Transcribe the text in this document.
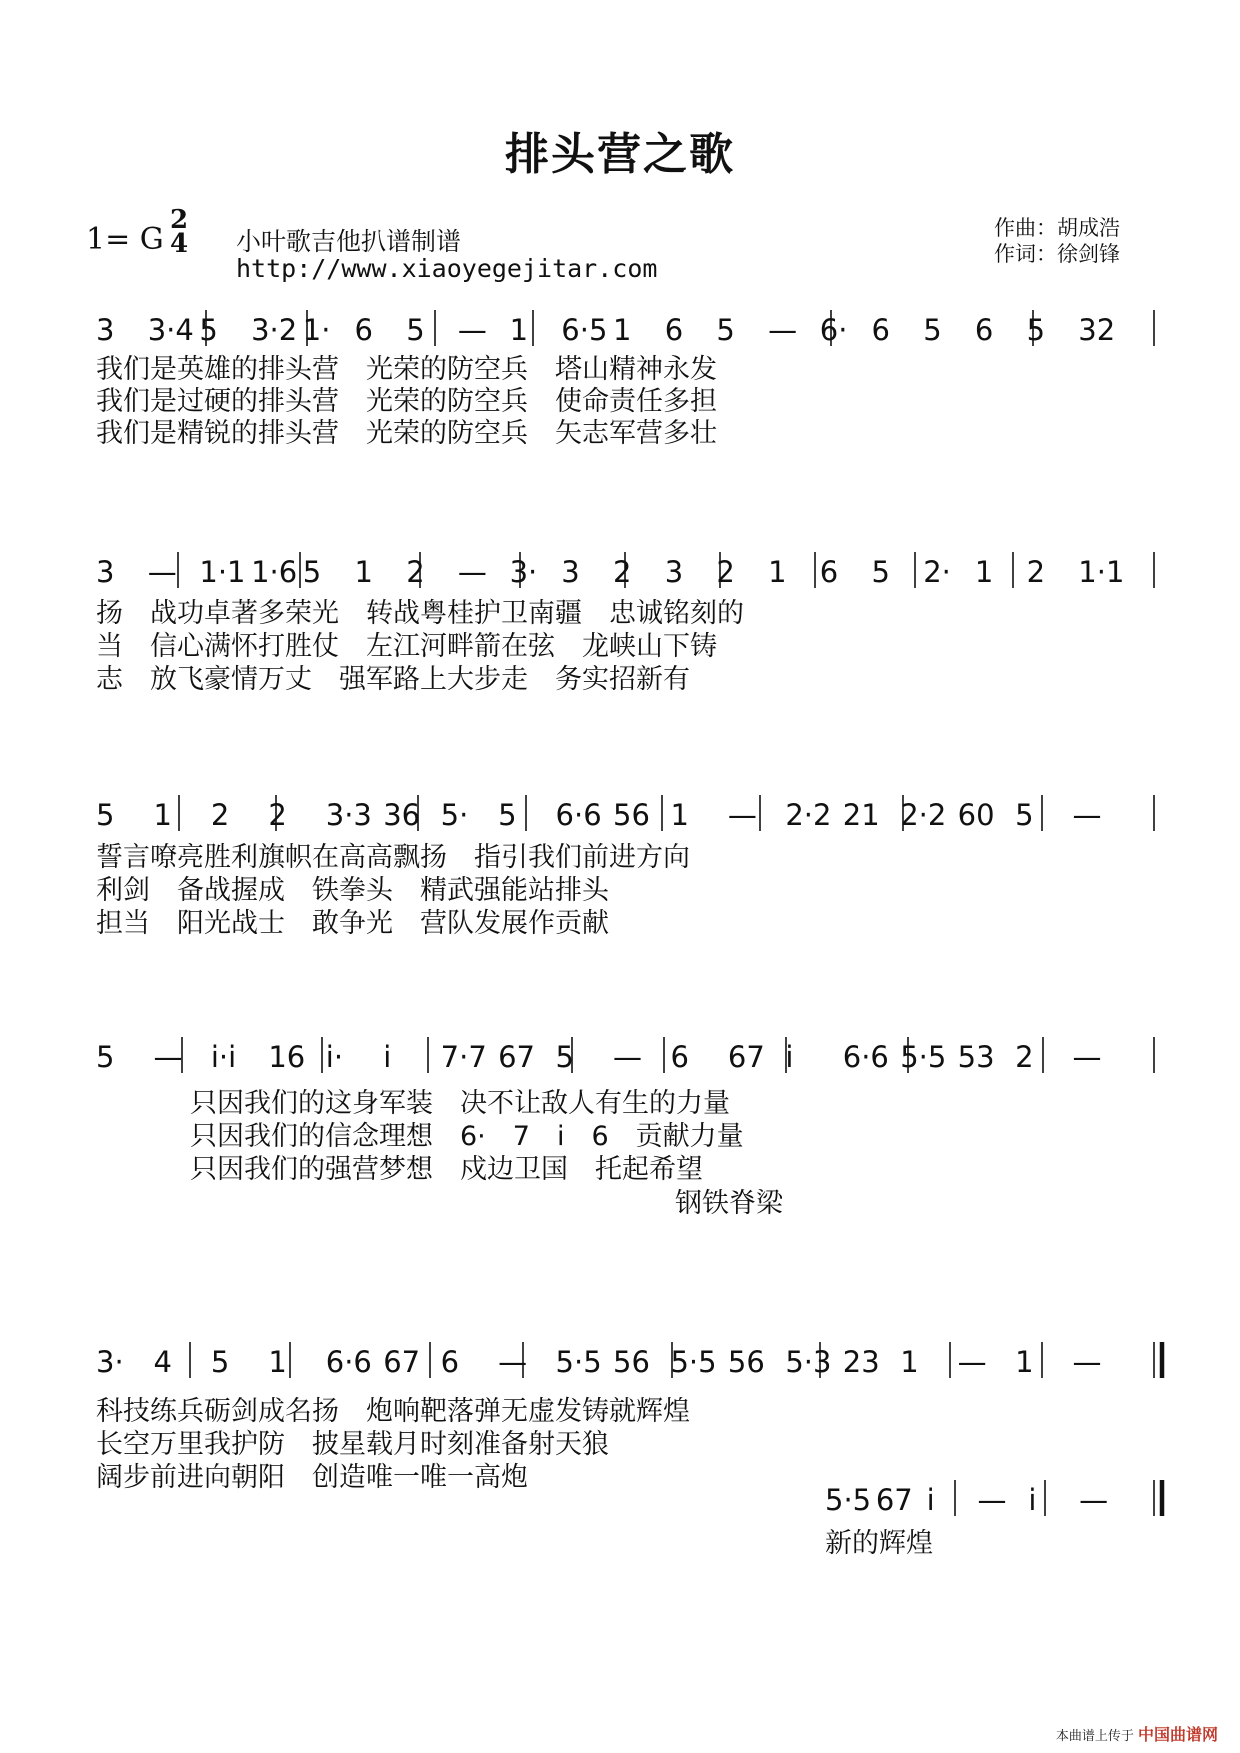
排头营之歌
1= G
2
4 小叶歌吉他扒谱制谱
http://www.xiaoyegejitar.com
作曲：胡成浩
作词：徐剑锋
3 3·4 5 3·2 1· 6 5 — 1 6·5 1 6 5 — 6· 6 5 6 5 32
我们是英雄的排头营　光荣的防空兵　塔山精神永发
我们是过硬的排头营　光荣的防空兵　使命责任多担
我们是精锐的排头营　光荣的防空兵　矢志军营多壮
3 — 1·1 1·6 5 1 2 — 3· 3 2 3 2 1 6 5 2· 1 2 1·1
扬　战功卓著多荣光　转战粤桂护卫南疆　忠诚铭刻的
当　信心满怀打胜仗　左江河畔箭在弦　龙峡山下铸
志　放飞豪情万丈　强军路上大步走　务实招新有
5 1 2 2 3·3 36 5· 5 6·6 56 1 — 2·2 21 2·2 60 5 —
誓言嘹亮胜利旗帜在高高飘扬　指引我们前进方向
利剑　备战握成　铁拳头　精武强能站排头
担当　阳光战士　敢争光　营队发展作贡献
5 — i·i 16 i· i 7·7 67 5 — 6 67 i 6·6 5·5 53 2 —
只因我们的这身军装　决不让敌人有生的力量
只因我们的信念理想　6·　7　i　6　贡献力量
只因我们的强营梦想　戍边卫国　托起希望
钢铁脊梁
3· 4 5 1 6·6 67 6 — 5·5 56 5·5 56 5·3 23 1 — 1 —
科技练兵砺剑成名扬　炮响靶落弹无虚发铸就辉煌
长空万里我护防　披星载月时刻准备射天狼
阔步前进向朝阳　创造唯一唯一高炮
5·5 67 i — i —
新的辉煌
本曲谱上传于 中国曲谱网
